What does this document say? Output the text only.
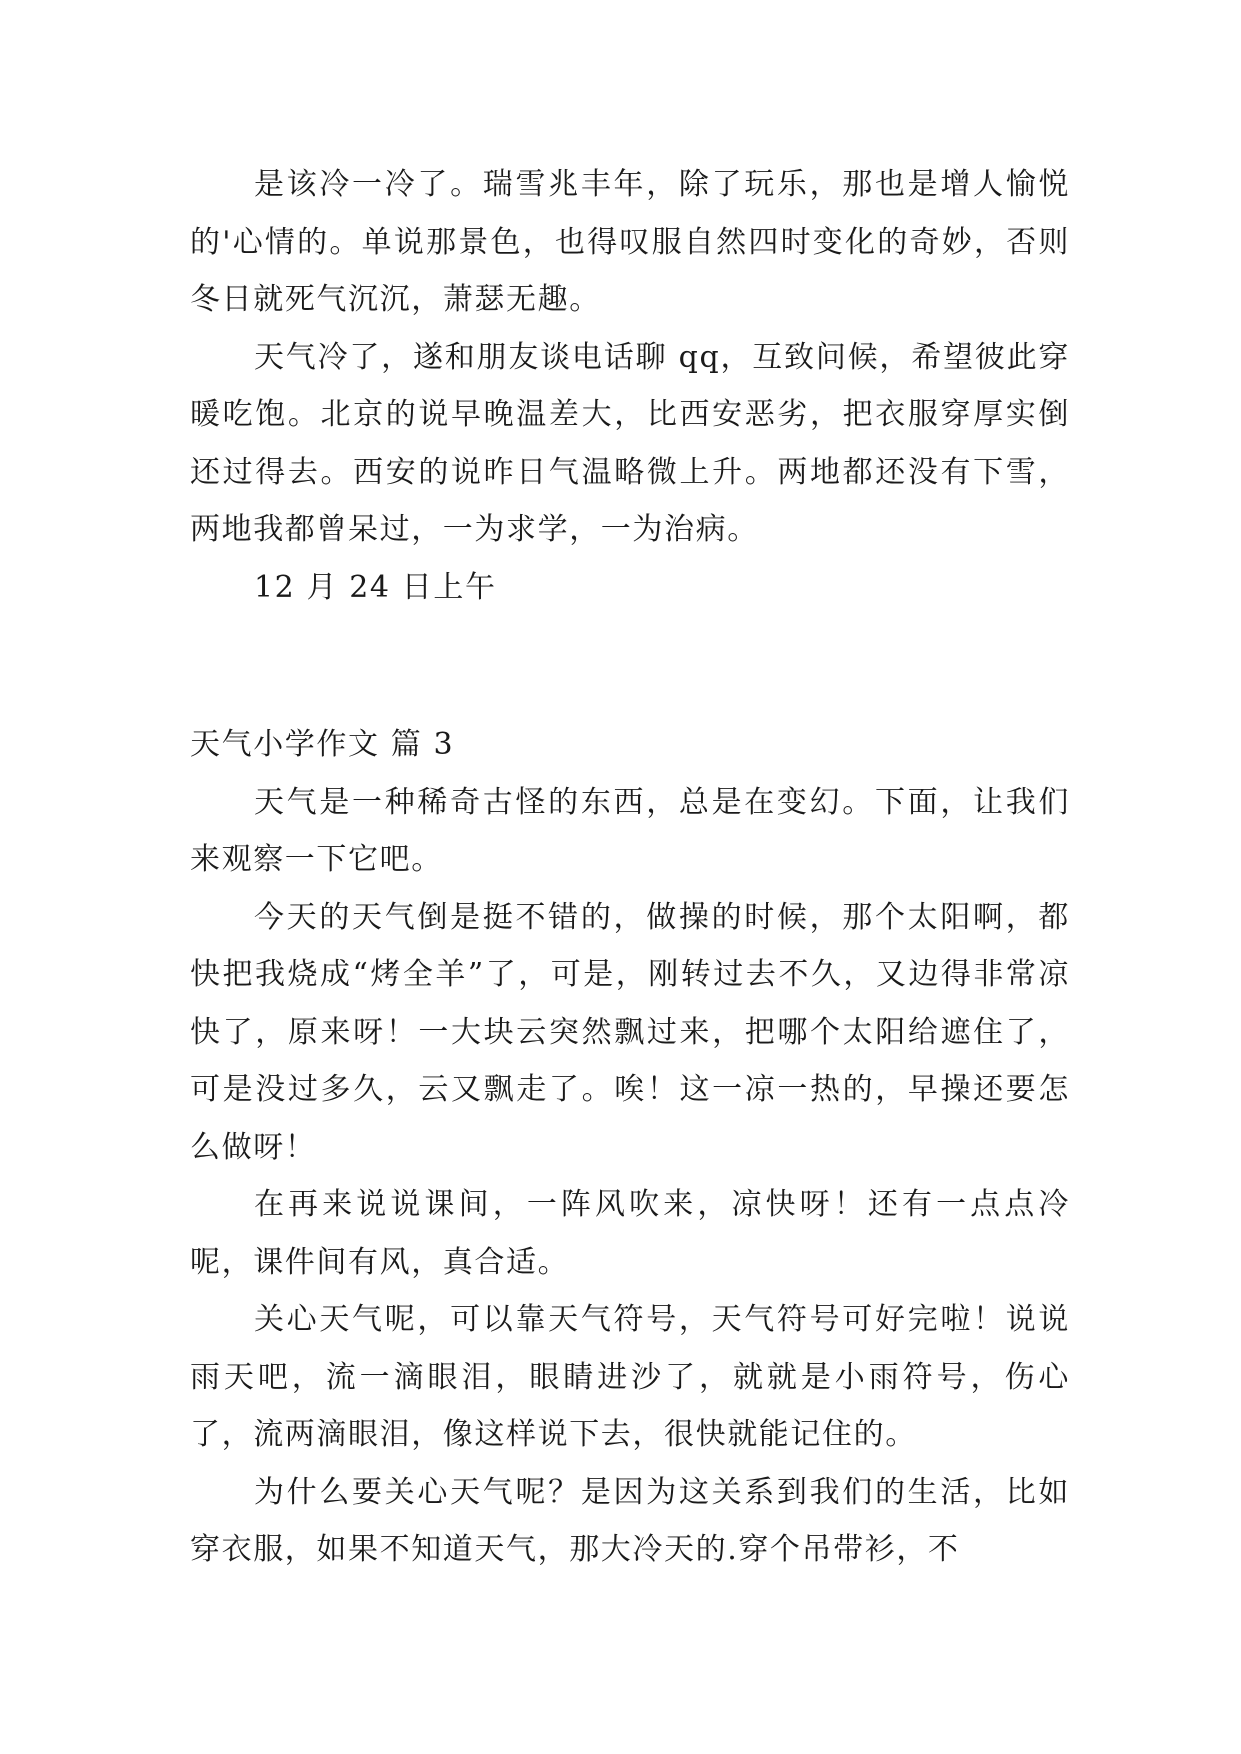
是该冷一冷了。瑞雪兆丰年，除了玩乐，那也是增人愉悦的'心情的。单说那景色，也得叹服自然四时变化的奇妙，否则冬日就死气沉沉，萧瑟无趣。

天气冷了，遂和朋友谈电话聊 qq，互致问候，希望彼此穿暖吃饱。北京的说早晚温差大，比西安恶劣，把衣服穿厚实倒还过得去。西安的说昨日气温略微上升。两地都还没有下雪，两地我都曾呆过，一为求学，一为治病。

12 月 24 日上午

天气小学作文 篇 3

天气是一种稀奇古怪的东西，总是在变幻。下面，让我们来观察一下它吧。

今天的天气倒是挺不错的，做操的时候，那个太阳啊，都快把我烧成“烤全羊”了，可是，刚转过去不久，又边得非常凉快了，原来呀！一大块云突然飘过来，把哪个太阳给遮住了，可是没过多久，云又飘走了。唉！这一凉一热的，早操还要怎么做呀！

在再来说说课间，一阵风吹来，凉快呀！还有一点点冷呢，课件间有风，真合适。

关心天气呢，可以靠天气符号，天气符号可好完啦！说说雨天吧，流一滴眼泪，眼睛进沙了，就就是小雨符号，伤心了，流两滴眼泪，像这样说下去，很快就能记住的。

为什么要关心天气呢？是因为这关系到我们的生活，比如穿衣服，如果不知道天气，那大冷天的.穿个吊带衫，不
